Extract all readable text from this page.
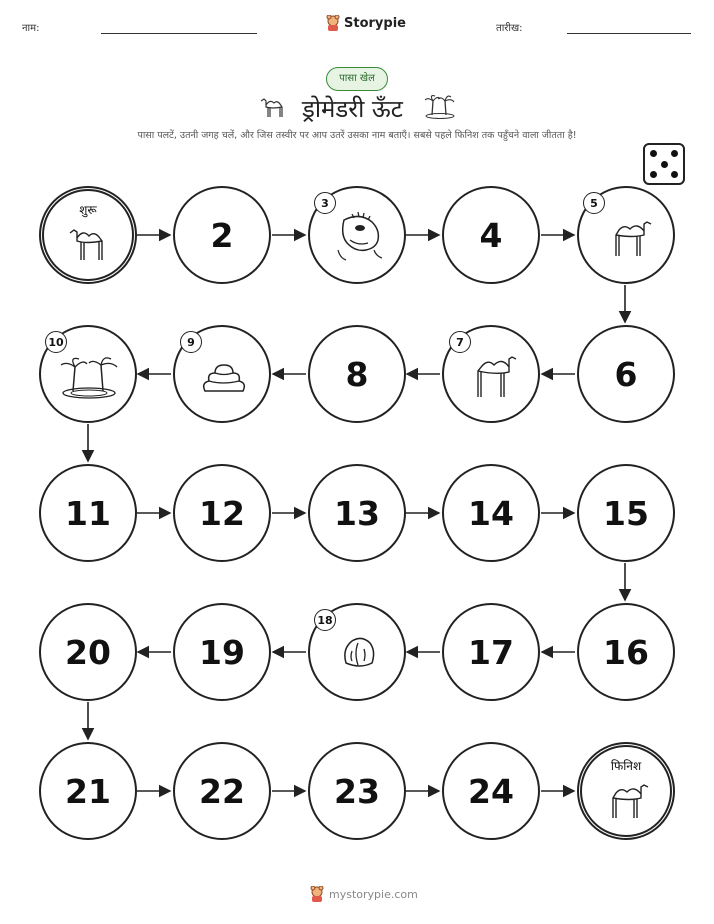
नाम:	Storypie	तारीख:
पासा खेल
ड्रोमेडरी ऊँट
पासा पलटें, उतनी जगह चलें, और जिस तस्वीर पर आप उतरें उसका नाम बताएँ। सबसे पहले फिनिश तक पहुँचने वाला जीतता है!
शुरू
2
3
4
5
6
7
8
9
10
11	12	13	14	15
16
17
18
19
20
21	22	23	24
फिनिश
mystorypie.com
